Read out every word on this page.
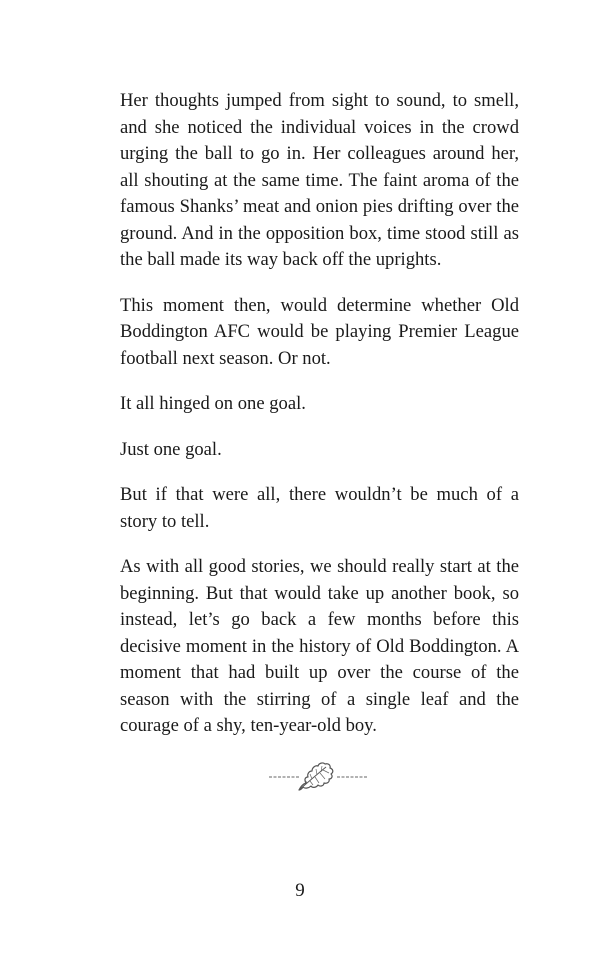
Her thoughts jumped from sight to sound, to smell, and she noticed the individual voices in the crowd urging the ball to go in. Her colleagues around her, all shouting at the same time. The faint aroma of the famous Shanks’ meat and onion pies drifting over the ground. And in the opposition box, time stood still as the ball made its way back off the uprights.

This moment then, would determine whether Old Boddington AFC would be playing Premier League football next season. Or not.

It all hinged on one goal.

Just one goal.

But if that were all, there wouldn’t be much of a story to tell.

As with all good stories, we should really start at the beginning. But that would take up another book, so instead, let’s go back a few months before this decisive moment in the history of Old Boddington. A moment that had built up over the course of the season with the stirring of a single leaf and the courage of a shy, ten-year-old boy.

9
